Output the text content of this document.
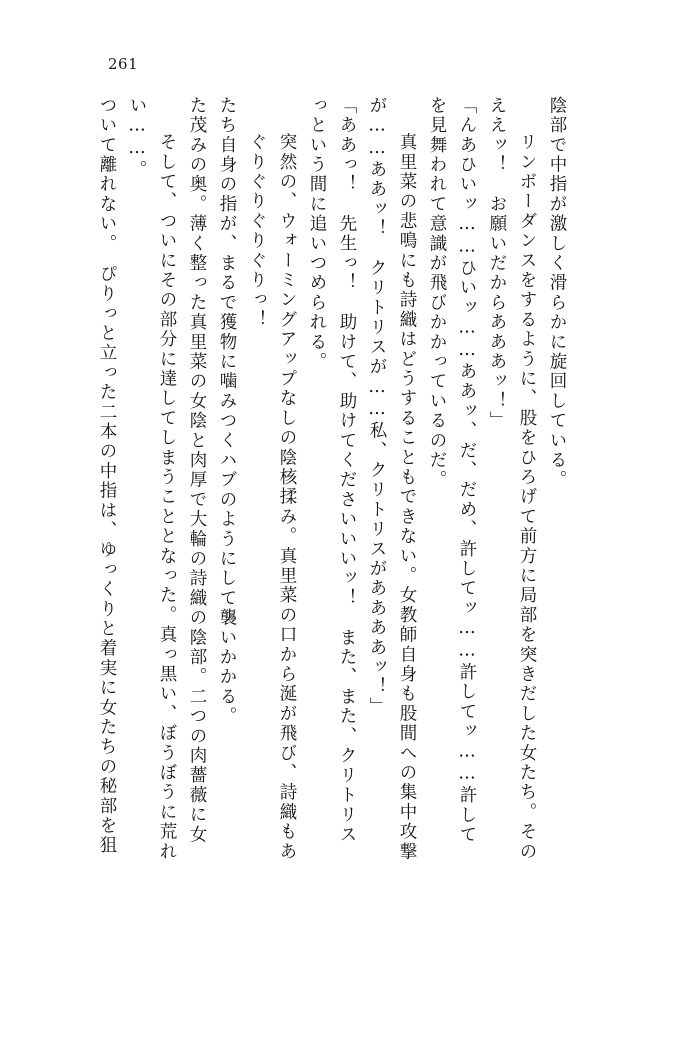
261
ついて離れない。　ぴりっと立った二本の中指は、ゆっくりと着実に女たちの秘部を狙 い……。 　そして、ついにその部分に達してしまうこととなった。真っ黒い、ぼうぼうに荒れ た茂みの奥。薄く整った真里菜の女陰と肉厚で大輪の詩織の陰部。二つの肉薔薇に女 たち自身の指が、まるで獲物に噛みつくハブのようにして襲いかかる。 　ぐりぐりぐりぐりっ！ 　突然の、ウォーミングアップなしの陰核揉み。真里菜の口から涎が飛び、詩織もあ っという間に追いつめられる。 「ああっ！　先生っ！　助けて、助けてくださいいいッ！　また、また、クリトリス が……ああッ！　クリトリスが……私、クリトリスがああああッ！」 　真里菜の悲鳴にも詩織はどうすることもできない。女教師自身も股間への集中攻撃 を見舞われて意識が飛びかかっているのだ。 「んあひいッ……ひいッ……ああッ、だ、だめ、許してッ……許してッ……許して ええッ！　お願いだからあああッ！」 　リンボーダンスをするように、股をひろげて前方に局部を突きだした女たち。その 陰部で中指が激しく滑らかに旋回している。
